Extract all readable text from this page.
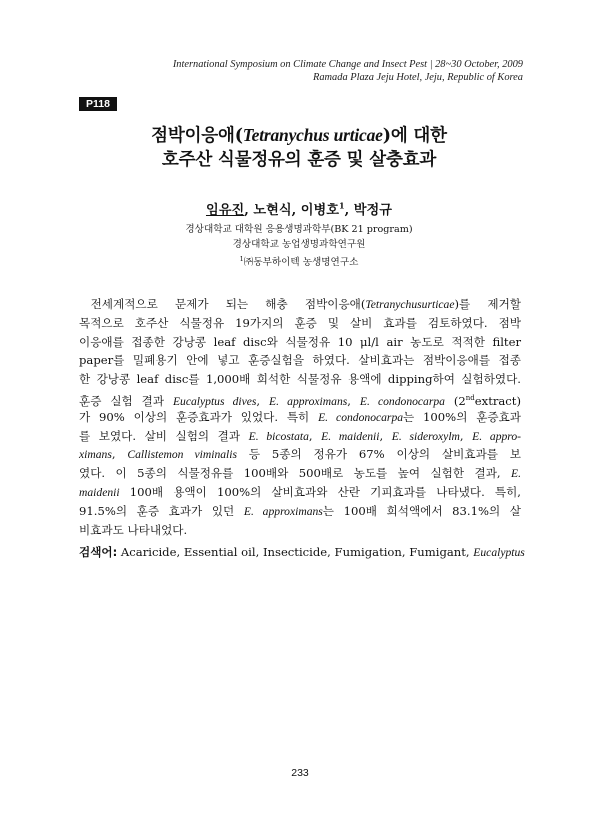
International Symposium on Climate Change and Insect Pest | 28~30 October, 2009
Ramada Plaza Jeju Hotel, Jeju, Republic of Korea
P118
점박이응애(Tetranychus urticae)에 대한
호주산 식물정유의 훈증 및 살충효과
임유진, 노현식, 이병호$^1$, 박정규
경상대학교 대학원 응용생명과학부(BK 21 program)
경상대학교 농업생명과학연구원
$^1$㈜동부하이텍 농생명연구소
 전세계적으로 문제가 되는 해충 점박이응애(Tetranychusurticae)를 제거할
목적으로 호주산 식물정유 19가지의 훈증 및 살비 효과를 검토하였다. 점박
이응애를 접종한 강낭콩 leaf disc와 식물정유 10 μl/l air 농도로 적적한 filter
paper를 밀폐용기 안에 넣고 훈증실험을 하였다. 살비효과는 점박이응애를 접종
한 강낭콩 leaf disc를 1,000배 희석한 식물정유 용액에 dipping하여 실험하였다.
훈증 실험 결과 Eucalyptus dives, E. approximans, E. condonocarpa (2ndextract)
가 90% 이상의 훈증효과가 있었다. 특히 E. condonocarpa는 100%의 훈증효과
를 보였다. 살비 실험의 결과 E. bicostata, E. maidenii, E. sideroxylm, E. appro-
ximans, Callistemon viminalis 등 5종의 정유가 67% 이상의 살비효과를 보
였다. 이 5종의 식물정유를 100배와 500배로 농도를 높여 실험한 결과, E.
maidenii 100배 용액이 100%의 살비효과와 산란 기피효과를 나타냈다. 특히,
91.5%의 훈증 효과가 있던 E. approximans는 100배 희석액에서 83.1%의 살
비효과도 나타내었다.
검색어: Acaricide, Essential oil, Insecticide, Fumigation, Fumigant, Eucalyptus
233
